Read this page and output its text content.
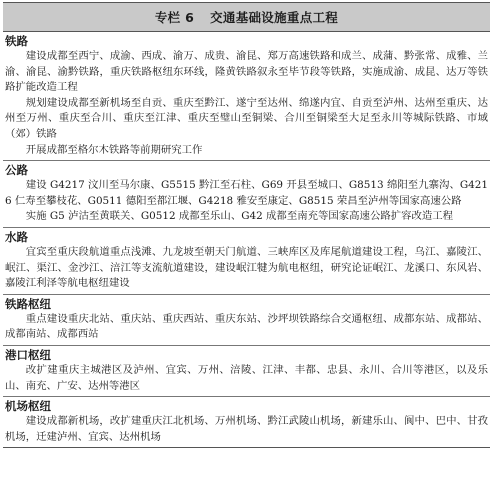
专栏 6 交通基础设施重点工程
铁路

建设成都至西宁、成渝、西成、渝万、成贵、渝昆、郑万高速铁路和成兰、成蒲、黔张常、成雅、兰渝、渝昆、渝黔铁路，重庆铁路枢纽东环线，隆黄铁路叙永至毕节段等铁路，实施成渝、成昆、达万等铁路扩能改造工程

规划建设成都至新机场至自贡、重庆至黔江、遂宁至达州、绵遂内宜、自贡至泸州、达州至重庆、达州至万州、重庆至合川、重庆至江津、重庆至璧山至铜梁、合川至铜梁至大足至永川等城际铁路、市域（郊）铁路

开展成都至格尔木铁路等前期研究工作

公路

建设 G4217 汶川至马尔康、G5515 黔江至石柱、G69 开县至城口、G8513 绵阳至九寨沟、G4216 仁寿至攀枝花、G0511 德阳至都江堰、G4218 雅安至康定、G8515 荣昌至泸州等国家高速公路

实施 G5 泸沽至黄联关、G0512 成都至乐山、G42 成都至南充等国家高速公路扩容改造工程

水路

宜宾至重庆段航道重点浅滩、九龙坡至朝天门航道、三峡库区及库尾航道建设工程，乌江、嘉陵江、岷江、渠江、金沙江、涪江等支流航道建设，建设岷江犍为航电枢纽，研究论证岷江、龙溪口、东风岩、嘉陵江利泽等航电枢纽建设

铁路枢纽

重点建设重庆北站、重庆站、重庆西站、重庆东站、沙坪坝铁路综合交通枢纽、成都东站、成都站、成都南站、成都西站

港口枢纽

改扩建重庆主城港区及泸州、宜宾、万州、涪陵、江津、丰都、忠县、永川、合川等港区，以及乐山、南充、广安、达州等港区

机场枢纽

建设成都新机场，改扩建重庆江北机场、万州机场、黔江武陵山机场，新建乐山、阆中、巴中、甘孜机场，迁建泸州、宜宾、达州机场
